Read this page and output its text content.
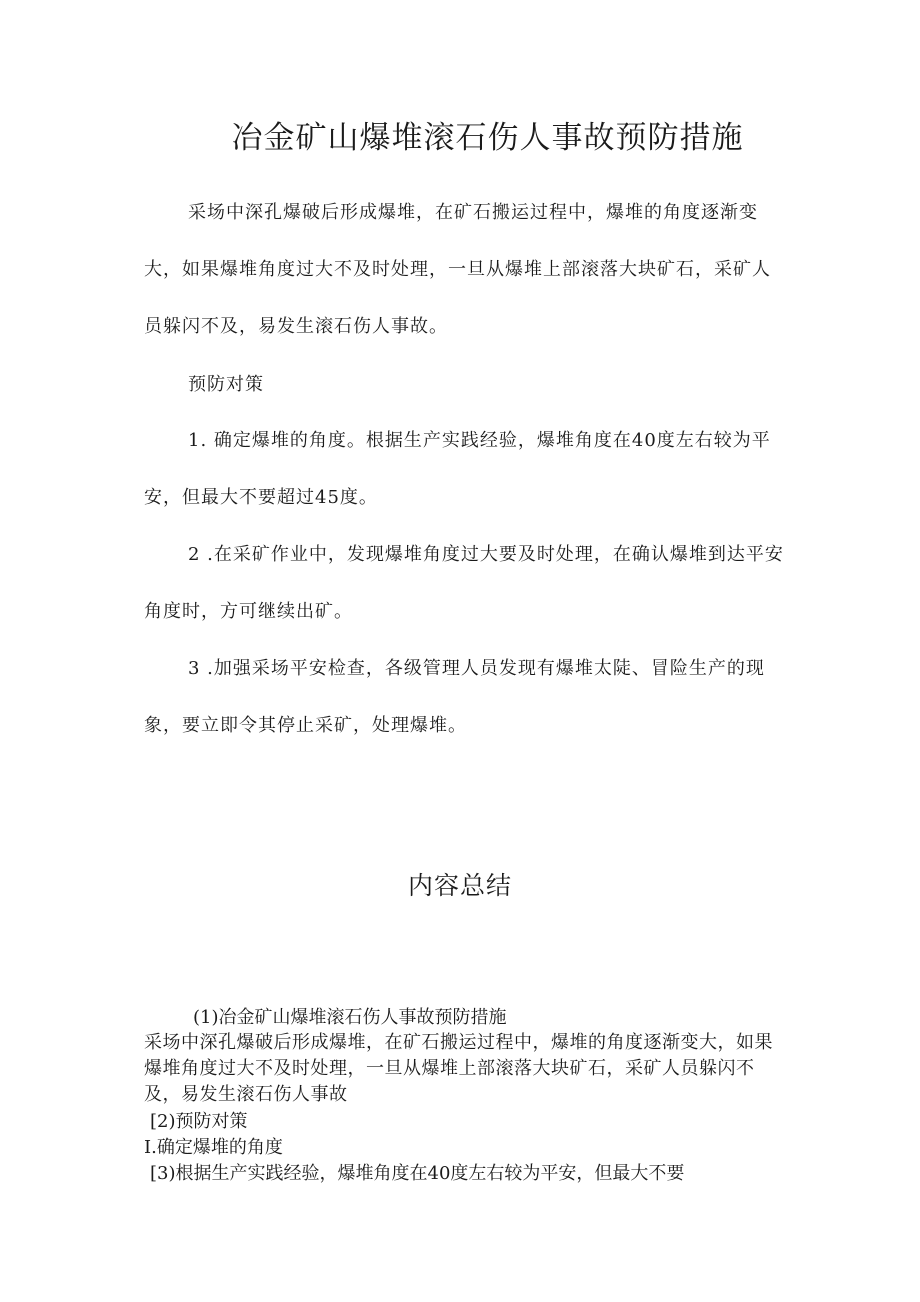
冶金矿山爆堆滚石伤人事故预防措施
采场中深孔爆破后形成爆堆，在矿石搬运过程中，爆堆的角度逐渐变大，如果爆堆角度过大不及时处理，一旦从爆堆上部滚落大块矿石，采矿人员躲闪不及，易发生滚石伤人事故。
预防对策
1. 确定爆堆的角度。根据生产实践经验，爆堆角度在40度左右较为平安，但最大不要超过45度。
2 .在采矿作业中，发现爆堆角度过大要及时处理，在确认爆堆到达平安角度时，方可继续出矿。
3 .加强采场平安检查，各级管理人员发现有爆堆太陡、冒险生产的现象，要立即令其停止采矿，处理爆堆。
内容总结
(1)冶金矿山爆堆滚石伤人事故预防措施
采场中深孔爆破后形成爆堆，在矿石搬运过程中，爆堆的角度逐渐变大，如果爆堆角度过大不及时处理，一旦从爆堆上部滚落大块矿石，采矿人员躲闪不及，易发生滚石伤人事故
[2)预防对策
I.确定爆堆的角度
[3)根据生产实践经验，爆堆角度在40度左右较为平安，但最大不要
